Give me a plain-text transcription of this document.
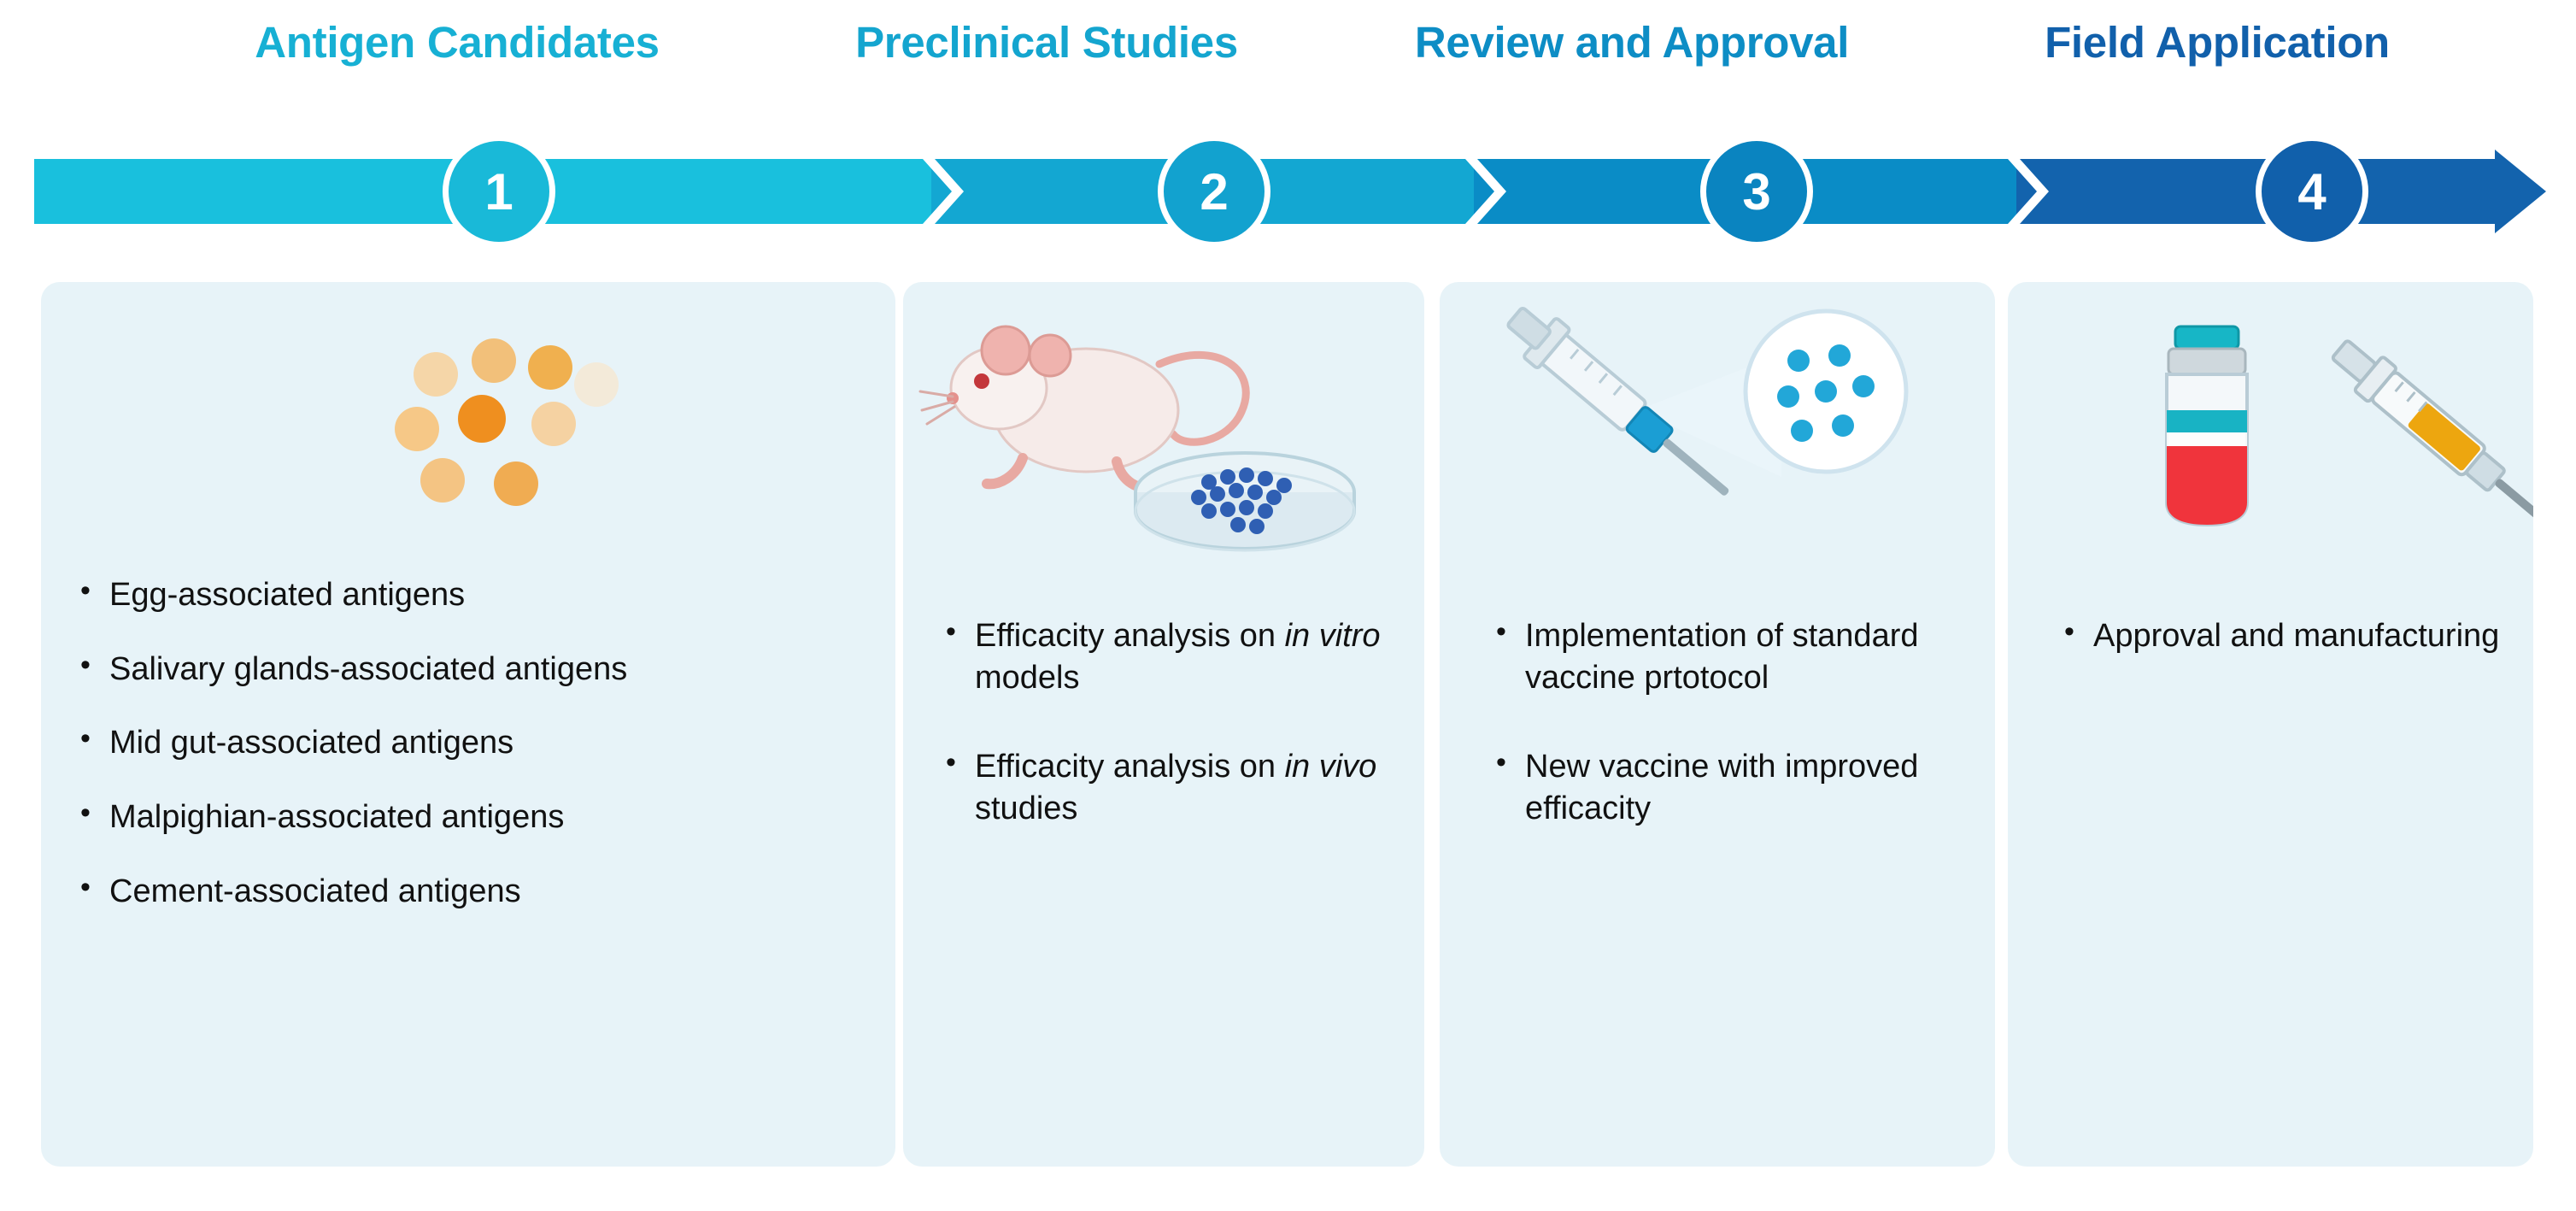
Antigen Candidates	Preclinical Studies	Review and Approval	Field Application
1	2	3	4
• Egg-associated antigens
• Salivary glands-associated antigens
• Mid gut-associated antigens
• Malpighian-associated antigens
• Cement-associated antigens
• Efficacity analysis on in vitro models
• Efficacity analysis on in vivo studies
• Implementation of standard vaccine prtotocol
• New vaccine with improved efficacity
• Approval and manufacturing
